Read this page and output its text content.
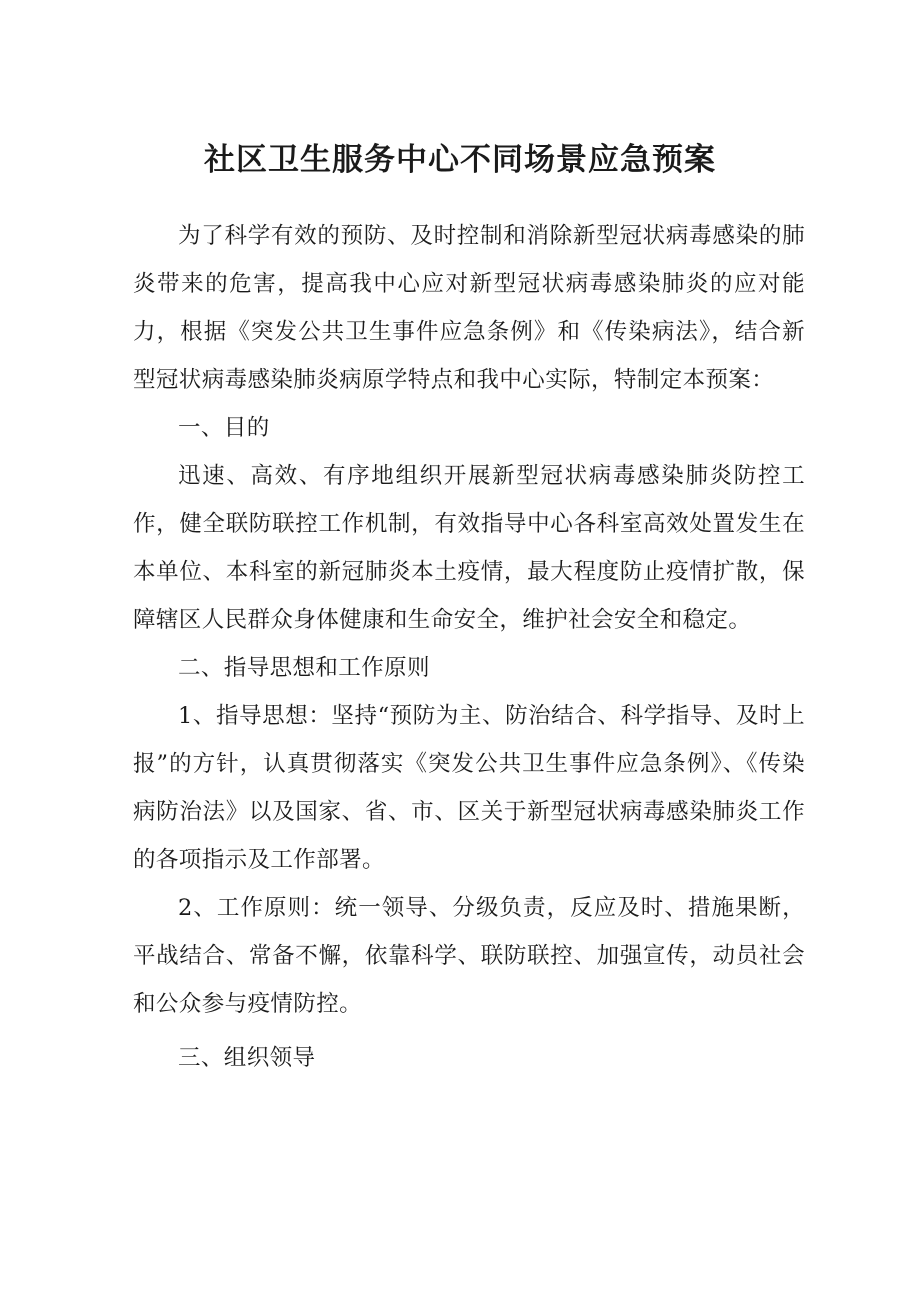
社区卫生服务中心不同场景应急预案

为了科学有效的预防、及时控制和消除新型冠状病毒感染的肺炎带来的危害，提高我中心应对新型冠状病毒感染肺炎的应对能力，根据《突发公共卫生事件应急条例》和《传染病法》，结合新型冠状病毒感染肺炎病原学特点和我中心实际，特制定本预案：

一、目的

迅速、高效、有序地组织开展新型冠状病毒感染肺炎防控工作，健全联防联控工作机制，有效指导中心各科室高效处置发生在本单位、本科室的新冠肺炎本土疫情，最大程度防止疫情扩散，保障辖区人民群众身体健康和生命安全，维护社会安全和稳定。

二、指导思想和工作原则

1、指导思想：坚持“预防为主、防治结合、科学指导、及时上报”的方针，认真贯彻落实《突发公共卫生事件应急条例》、《传染病防治法》以及国家、省、市、区关于新型冠状病毒感染肺炎工作的各项指示及工作部署。

2、工作原则：统一领导、分级负责，反应及时、措施果断，平战结合、常备不懈，依靠科学、联防联控、加强宣传，动员社会和公众参与疫情防控。

三、组织领导
